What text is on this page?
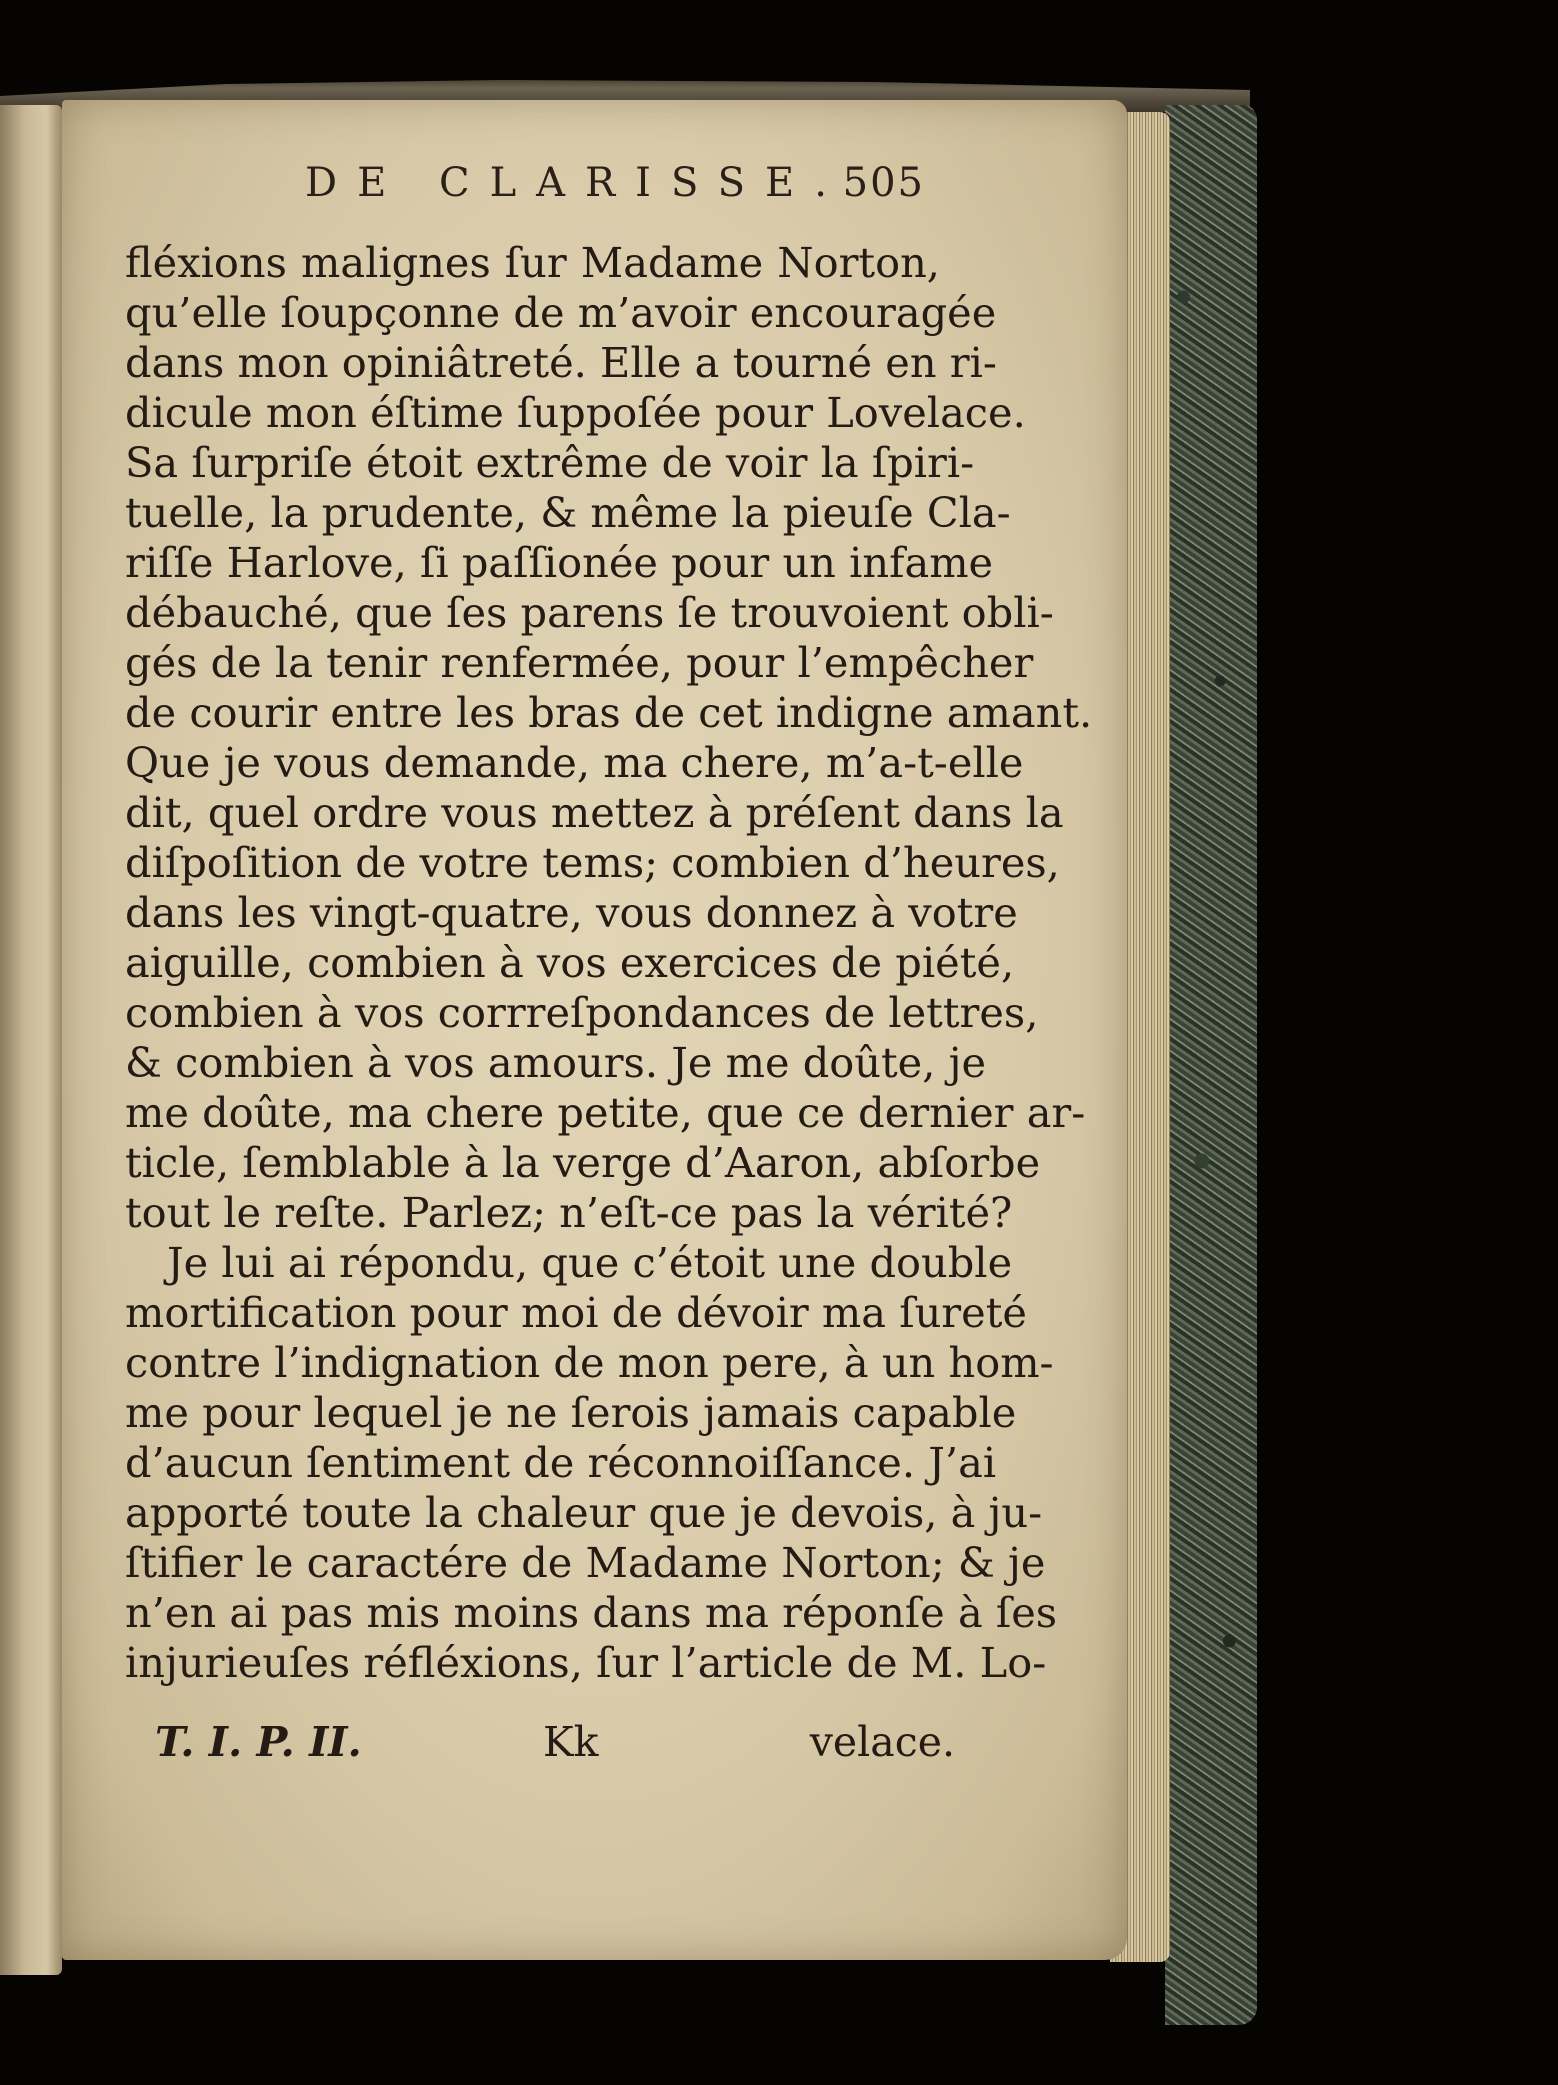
DE CLARISSE.
505
fléxions malignes ſur Madame Norton,
qu’elle ſoupçonne de m’avoir encouragée
dans mon opiniâtreté. Elle a tourné en ri-
dicule mon éſtime ſuppoſée pour Lovelace.
Sa ſurpriſe étoit extrême de voir la ſpiri-
tuelle, la prudente, & même la pieuſe Cla-
riſſe Harlove, ſi paſſionée pour un infame
débauché, que ſes parens ſe trouvoient obli-
gés de la tenir renfermée, pour l’empêcher
de courir entre les bras de cet indigne amant.
Que je vous demande, ma chere, m’a-t-elle
dit, quel ordre vous mettez à préſent dans la
diſpoſition de votre tems; combien d’heures,
dans les vingt-quatre, vous donnez à votre
aiguille, combien à vos exercices de piété,
combien à vos corrreſpondances de lettres,
& combien à vos amours. Je me doûte, je
me doûte, ma chere petite, que ce dernier ar-
ticle, ſemblable à la verge d’Aaron, abſorbe
tout le reſte. Parlez; n’eſt-ce pas la vérité?
Je lui ai répondu, que c’étoit une double
mortification pour moi de dévoir ma ſureté
contre l’indignation de mon pere, à un hom-
me pour lequel je ne ſerois jamais capable
d’aucun ſentiment de réconnoiſſance. J’ai
apporté toute la chaleur que je devois, à ju-
ſtifier le caractére de Madame Norton; & je
n’en ai pas mis moins dans ma réponſe à ſes
injurieuſes réfléxions, ſur l’article de M. Lo-
T. I. P. II.	Kk	velace.
